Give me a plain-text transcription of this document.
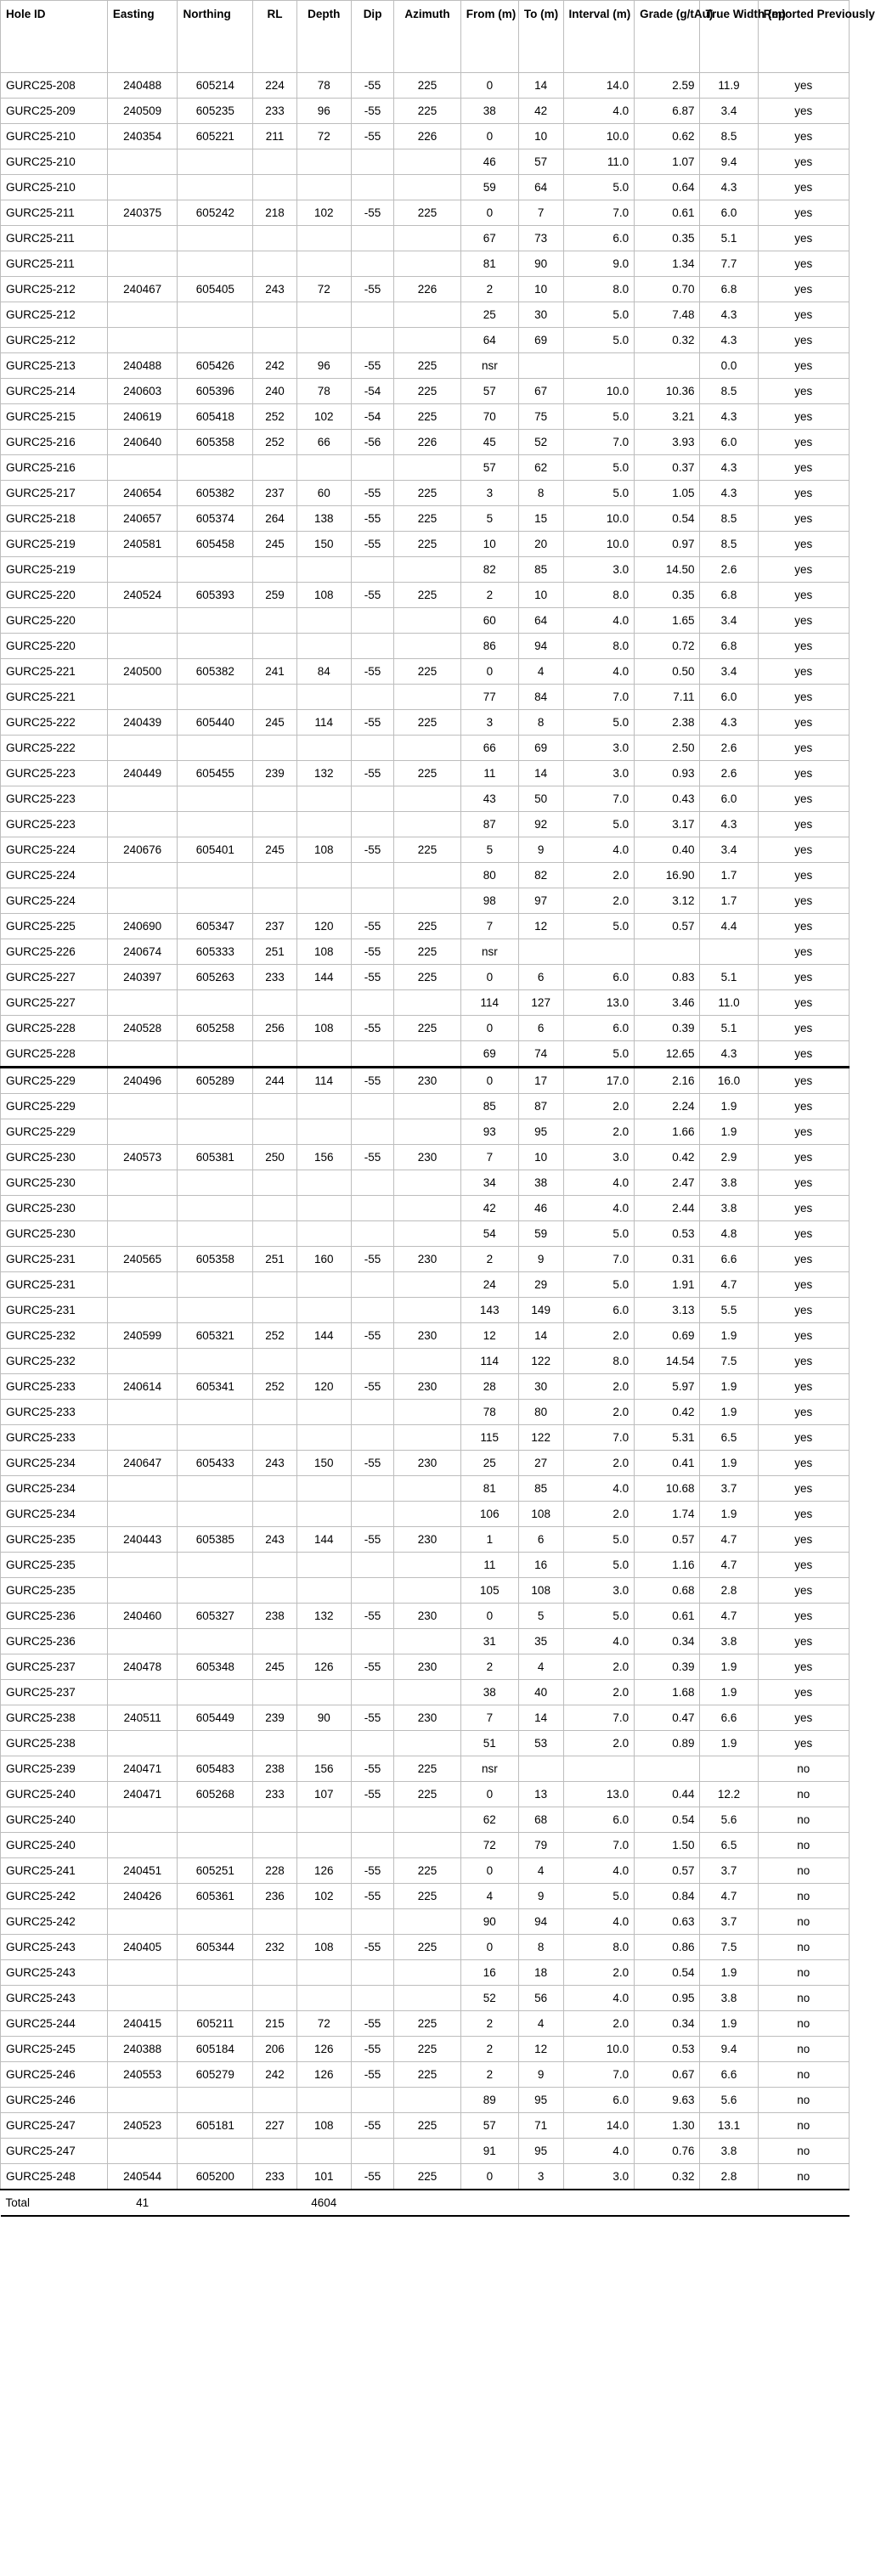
Hole ID	Easting	Northing	RL	Depth	Dip	Azimuth	From (m)	To (m)	Interval (m)	Grade (g/tAu)	True Width (m)	Reported Previously
GURC25-208	240488	605214	224	78	-55	225	0	14	14.0	2.59	11.9	yes
GURC25-209	240509	605235	233	96	-55	225	38	42	4.0	6.87	3.4	yes
GURC25-210	240354	605221	211	72	-55	226	0	10	10.0	0.62	8.5	yes
GURC25-210							46	57	11.0	1.07	9.4	yes
GURC25-210							59	64	5.0	0.64	4.3	yes
GURC25-211	240375	605242	218	102	-55	225	0	7	7.0	0.61	6.0	yes
GURC25-211							67	73	6.0	0.35	5.1	yes
GURC25-211							81	90	9.0	1.34	7.7	yes
GURC25-212	240467	605405	243	72	-55	226	2	10	8.0	0.70	6.8	yes
GURC25-212							25	30	5.0	7.48	4.3	yes
GURC25-212							64	69	5.0	0.32	4.3	yes
GURC25-213	240488	605426	242	96	-55	225	nsr				0.0	yes
GURC25-214	240603	605396	240	78	-54	225	57	67	10.0	10.36	8.5	yes
GURC25-215	240619	605418	252	102	-54	225	70	75	5.0	3.21	4.3	yes
GURC25-216	240640	605358	252	66	-56	226	45	52	7.0	3.93	6.0	yes
GURC25-216							57	62	5.0	0.37	4.3	yes
GURC25-217	240654	605382	237	60	-55	225	3	8	5.0	1.05	4.3	yes
GURC25-218	240657	605374	264	138	-55	225	5	15	10.0	0.54	8.5	yes
GURC25-219	240581	605458	245	150	-55	225	10	20	10.0	0.97	8.5	yes
GURC25-219							82	85	3.0	14.50	2.6	yes
GURC25-220	240524	605393	259	108	-55	225	2	10	8.0	0.35	6.8	yes
GURC25-220							60	64	4.0	1.65	3.4	yes
GURC25-220							86	94	8.0	0.72	6.8	yes
GURC25-221	240500	605382	241	84	-55	225	0	4	4.0	0.50	3.4	yes
GURC25-221							77	84	7.0	7.11	6.0	yes
GURC25-222	240439	605440	245	114	-55	225	3	8	5.0	2.38	4.3	yes
GURC25-222							66	69	3.0	2.50	2.6	yes
GURC25-223	240449	605455	239	132	-55	225	11	14	3.0	0.93	2.6	yes
GURC25-223							43	50	7.0	0.43	6.0	yes
GURC25-223							87	92	5.0	3.17	4.3	yes
GURC25-224	240676	605401	245	108	-55	225	5	9	4.0	0.40	3.4	yes
GURC25-224							80	82	2.0	16.90	1.7	yes
GURC25-224							98	97	2.0	3.12	1.7	yes
GURC25-225	240690	605347	237	120	-55	225	7	12	5.0	0.57	4.4	yes
GURC25-226	240674	605333	251	108	-55	225	nsr					yes
GURC25-227	240397	605263	233	144	-55	225	0	6	6.0	0.83	5.1	yes
GURC25-227							114	127	13.0	3.46	11.0	yes
GURC25-228	240528	605258	256	108	-55	225	0	6	6.0	0.39	5.1	yes
GURC25-228							69	74	5.0	12.65	4.3	yes
GURC25-229	240496	605289	244	114	-55	230	0	17	17.0	2.16	16.0	yes
GURC25-229							85	87	2.0	2.24	1.9	yes
GURC25-229							93	95	2.0	1.66	1.9	yes
GURC25-230	240573	605381	250	156	-55	230	7	10	3.0	0.42	2.9	yes
GURC25-230							34	38	4.0	2.47	3.8	yes
GURC25-230							42	46	4.0	2.44	3.8	yes
GURC25-230							54	59	5.0	0.53	4.8	yes
GURC25-231	240565	605358	251	160	-55	230	2	9	7.0	0.31	6.6	yes
GURC25-231							24	29	5.0	1.91	4.7	yes
GURC25-231							143	149	6.0	3.13	5.5	yes
GURC25-232	240599	605321	252	144	-55	230	12	14	2.0	0.69	1.9	yes
GURC25-232							114	122	8.0	14.54	7.5	yes
GURC25-233	240614	605341	252	120	-55	230	28	30	2.0	5.97	1.9	yes
GURC25-233							78	80	2.0	0.42	1.9	yes
GURC25-233							115	122	7.0	5.31	6.5	yes
GURC25-234	240647	605433	243	150	-55	230	25	27	2.0	0.41	1.9	yes
GURC25-234							81	85	4.0	10.68	3.7	yes
GURC25-234							106	108	2.0	1.74	1.9	yes
GURC25-235	240443	605385	243	144	-55	230	1	6	5.0	0.57	4.7	yes
GURC25-235							11	16	5.0	1.16	4.7	yes
GURC25-235							105	108	3.0	0.68	2.8	yes
GURC25-236	240460	605327	238	132	-55	230	0	5	5.0	0.61	4.7	yes
GURC25-236							31	35	4.0	0.34	3.8	yes
GURC25-237	240478	605348	245	126	-55	230	2	4	2.0	0.39	1.9	yes
GURC25-237							38	40	2.0	1.68	1.9	yes
GURC25-238	240511	605449	239	90	-55	230	7	14	7.0	0.47	6.6	yes
GURC25-238							51	53	2.0	0.89	1.9	yes
GURC25-239	240471	605483	238	156	-55	225	nsr					no
GURC25-240	240471	605268	233	107	-55	225	0	13	13.0	0.44	12.2	no
GURC25-240							62	68	6.0	0.54	5.6	no
GURC25-240							72	79	7.0	1.50	6.5	no
GURC25-241	240451	605251	228	126	-55	225	0	4	4.0	0.57	3.7	no
GURC25-242	240426	605361	236	102	-55	225	4	9	5.0	0.84	4.7	no
GURC25-242							90	94	4.0	0.63	3.7	no
GURC25-243	240405	605344	232	108	-55	225	0	8	8.0	0.86	7.5	no
GURC25-243							16	18	2.0	0.54	1.9	no
GURC25-243							52	56	4.0	0.95	3.8	no
GURC25-244	240415	605211	215	72	-55	225	2	4	2.0	0.34	1.9	no
GURC25-245	240388	605184	206	126	-55	225	2	12	10.0	0.53	9.4	no
GURC25-246	240553	605279	242	126	-55	225	2	9	7.0	0.67	6.6	no
GURC25-246							89	95	6.0	9.63	5.6	no
GURC25-247	240523	605181	227	108	-55	225	57	71	14.0	1.30	13.1	no
GURC25-247							91	95	4.0	0.76	3.8	no
GURC25-248	240544	605200	233	101	-55	225	0	3	3.0	0.32	2.8	no
Total	41			4604								
